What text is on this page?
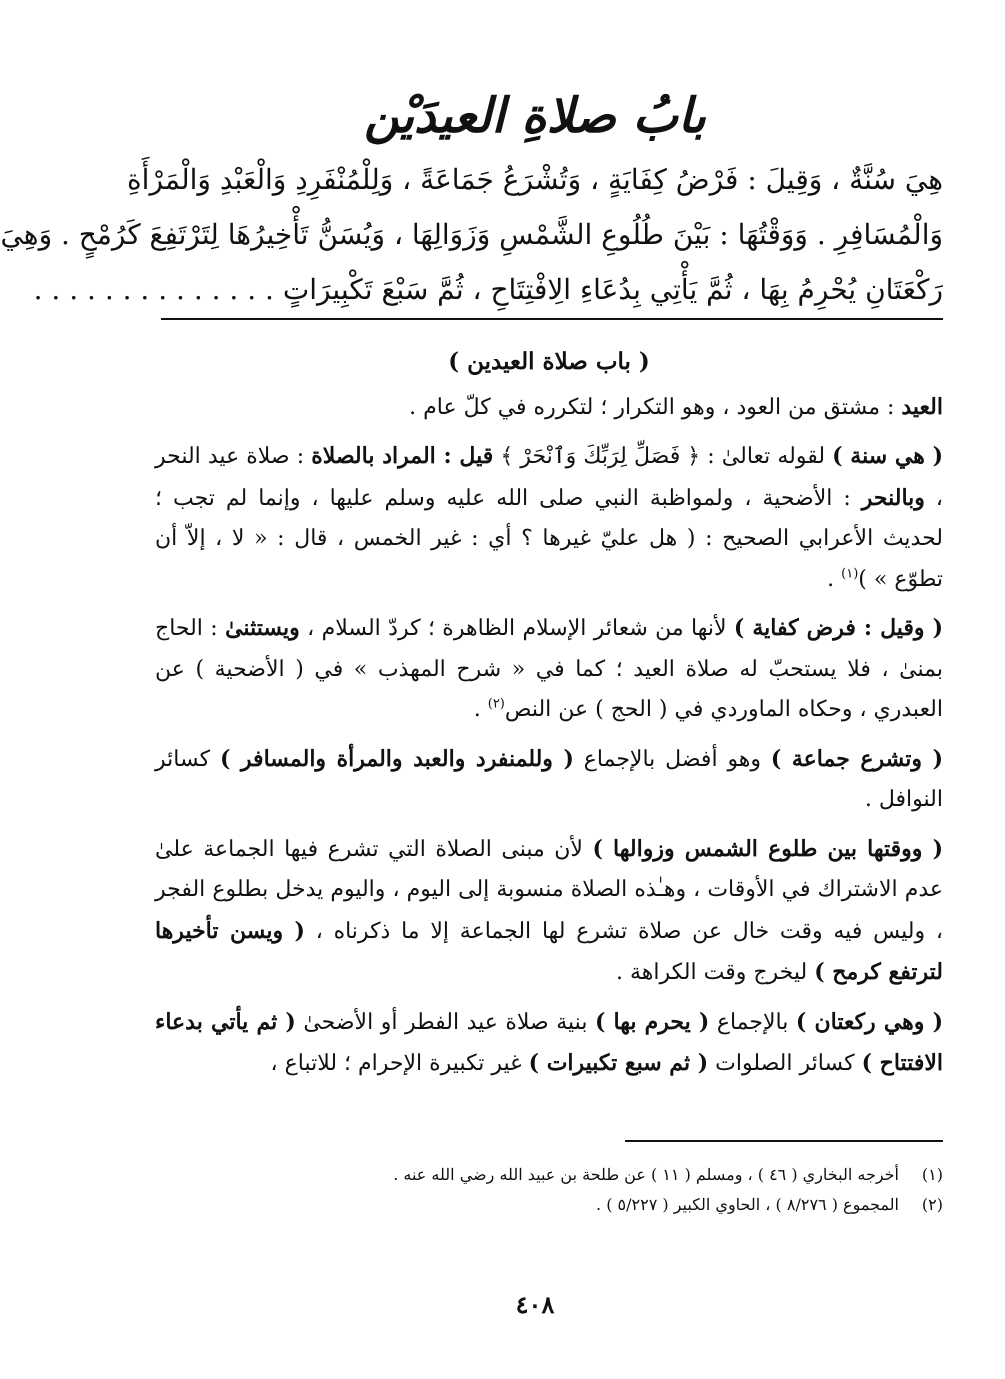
بابُ صلاةِ العيدَيْن
هِيَ سُنَّةٌ ، وَقِيلَ : فَرْضُ كِفَايَةٍ ، وَتُشْرَعُ جَمَاعَةً ، وَلِلْمُنْفَرِدِ وَالْعَبْدِ وَالْمَرْأَةِ
وَالْمُسَافِرِ . وَوَقْتُهَا : بَيْنَ طُلُوعِ الشَّمْسِ وَزَوَالِهَا ، وَيُسَنُّ تَأْخِيرُهَا لِتَرْتَفِعَ كَرُمْحٍ . وَهِيَ
رَكْعَتَانِ يُحْرِمُ بِهَا ، ثُمَّ يَأْتِي بِدُعَاءِ الِافْتِتَاحِ ، ثُمَّ سَبْعَ تَكْبِيرَاتٍ . . . . . . . . . . . . . .
( باب صلاة العيدين )

العيد : مشتق من العود ، وهو التكرار ؛ لتكرره في كلّ عام .

( هي سنة ) لقوله تعالىٰ : ﴿ فَصَلِّ لِرَبِّكَ وَٱنْحَرْ ﴾ قيل : المراد بالصلاة : صلاة عيد النحر ، وبالنحر : الأضحية ، ولمواظبة النبي صلى الله عليه وسلم عليها ، وإنما لم تجب ؛ لحديث الأعرابي الصحيح : ( هل عليّ غيرها ؟ أي : غير الخمس ، قال : « لا ، إلاّ أن تطوّع » )$^{(١)}$ .

( وقيل : فرض كفاية ) لأنها من شعائر الإسلام الظاهرة ؛ كردّ السلام ، ويستثنىٰ : الحاج بمنىٰ ، فلا يستحبّ له صلاة العيد ؛ كما في « شرح المهذب » في ( الأضحية ) عن العبدري ، وحكاه الماوردي في ( الحج ) عن النص$^{(٢)}$ .

( وتشرع جماعة ) وهو أفضل بالإجماع ( وللمنفرد والعبد والمرأة والمسافر ) كسائر النوافل .

( ووقتها بين طلوع الشمس وزوالها ) لأن مبنى الصلاة التي تشرع فيها الجماعة علىٰ عدم الاشتراك في الأوقات ، وهـٰذه الصلاة منسوبة إلى اليوم ، واليوم يدخل بطلوع الفجر ، وليس فيه وقت خال عن صلاة تشرع لها الجماعة إلا ما ذكرناه ، ( ويسن تأخيرها لترتفع كرمح ) ليخرج وقت الكراهة .

( وهي ركعتان ) بالإجماع ( يحرم بها ) بنية صلاة عيد الفطر أو الأضحىٰ ( ثم يأتي بدعاء الافتتاح ) كسائر الصلوات ( ثم سبع تكبيرات ) غير تكبيرة الإحرام ؛ للاتباع ،

(١)أخرجه البخاري ( ٤٦ ) ، ومسلم ( ١١ ) عن طلحة بن عبيد الله رضي الله عنه .
(٢)المجموع ( ٨/٢٧٦ ) ، الحاوي الكبير ( ٥/٢٢٧ ) .
٤٠٨
